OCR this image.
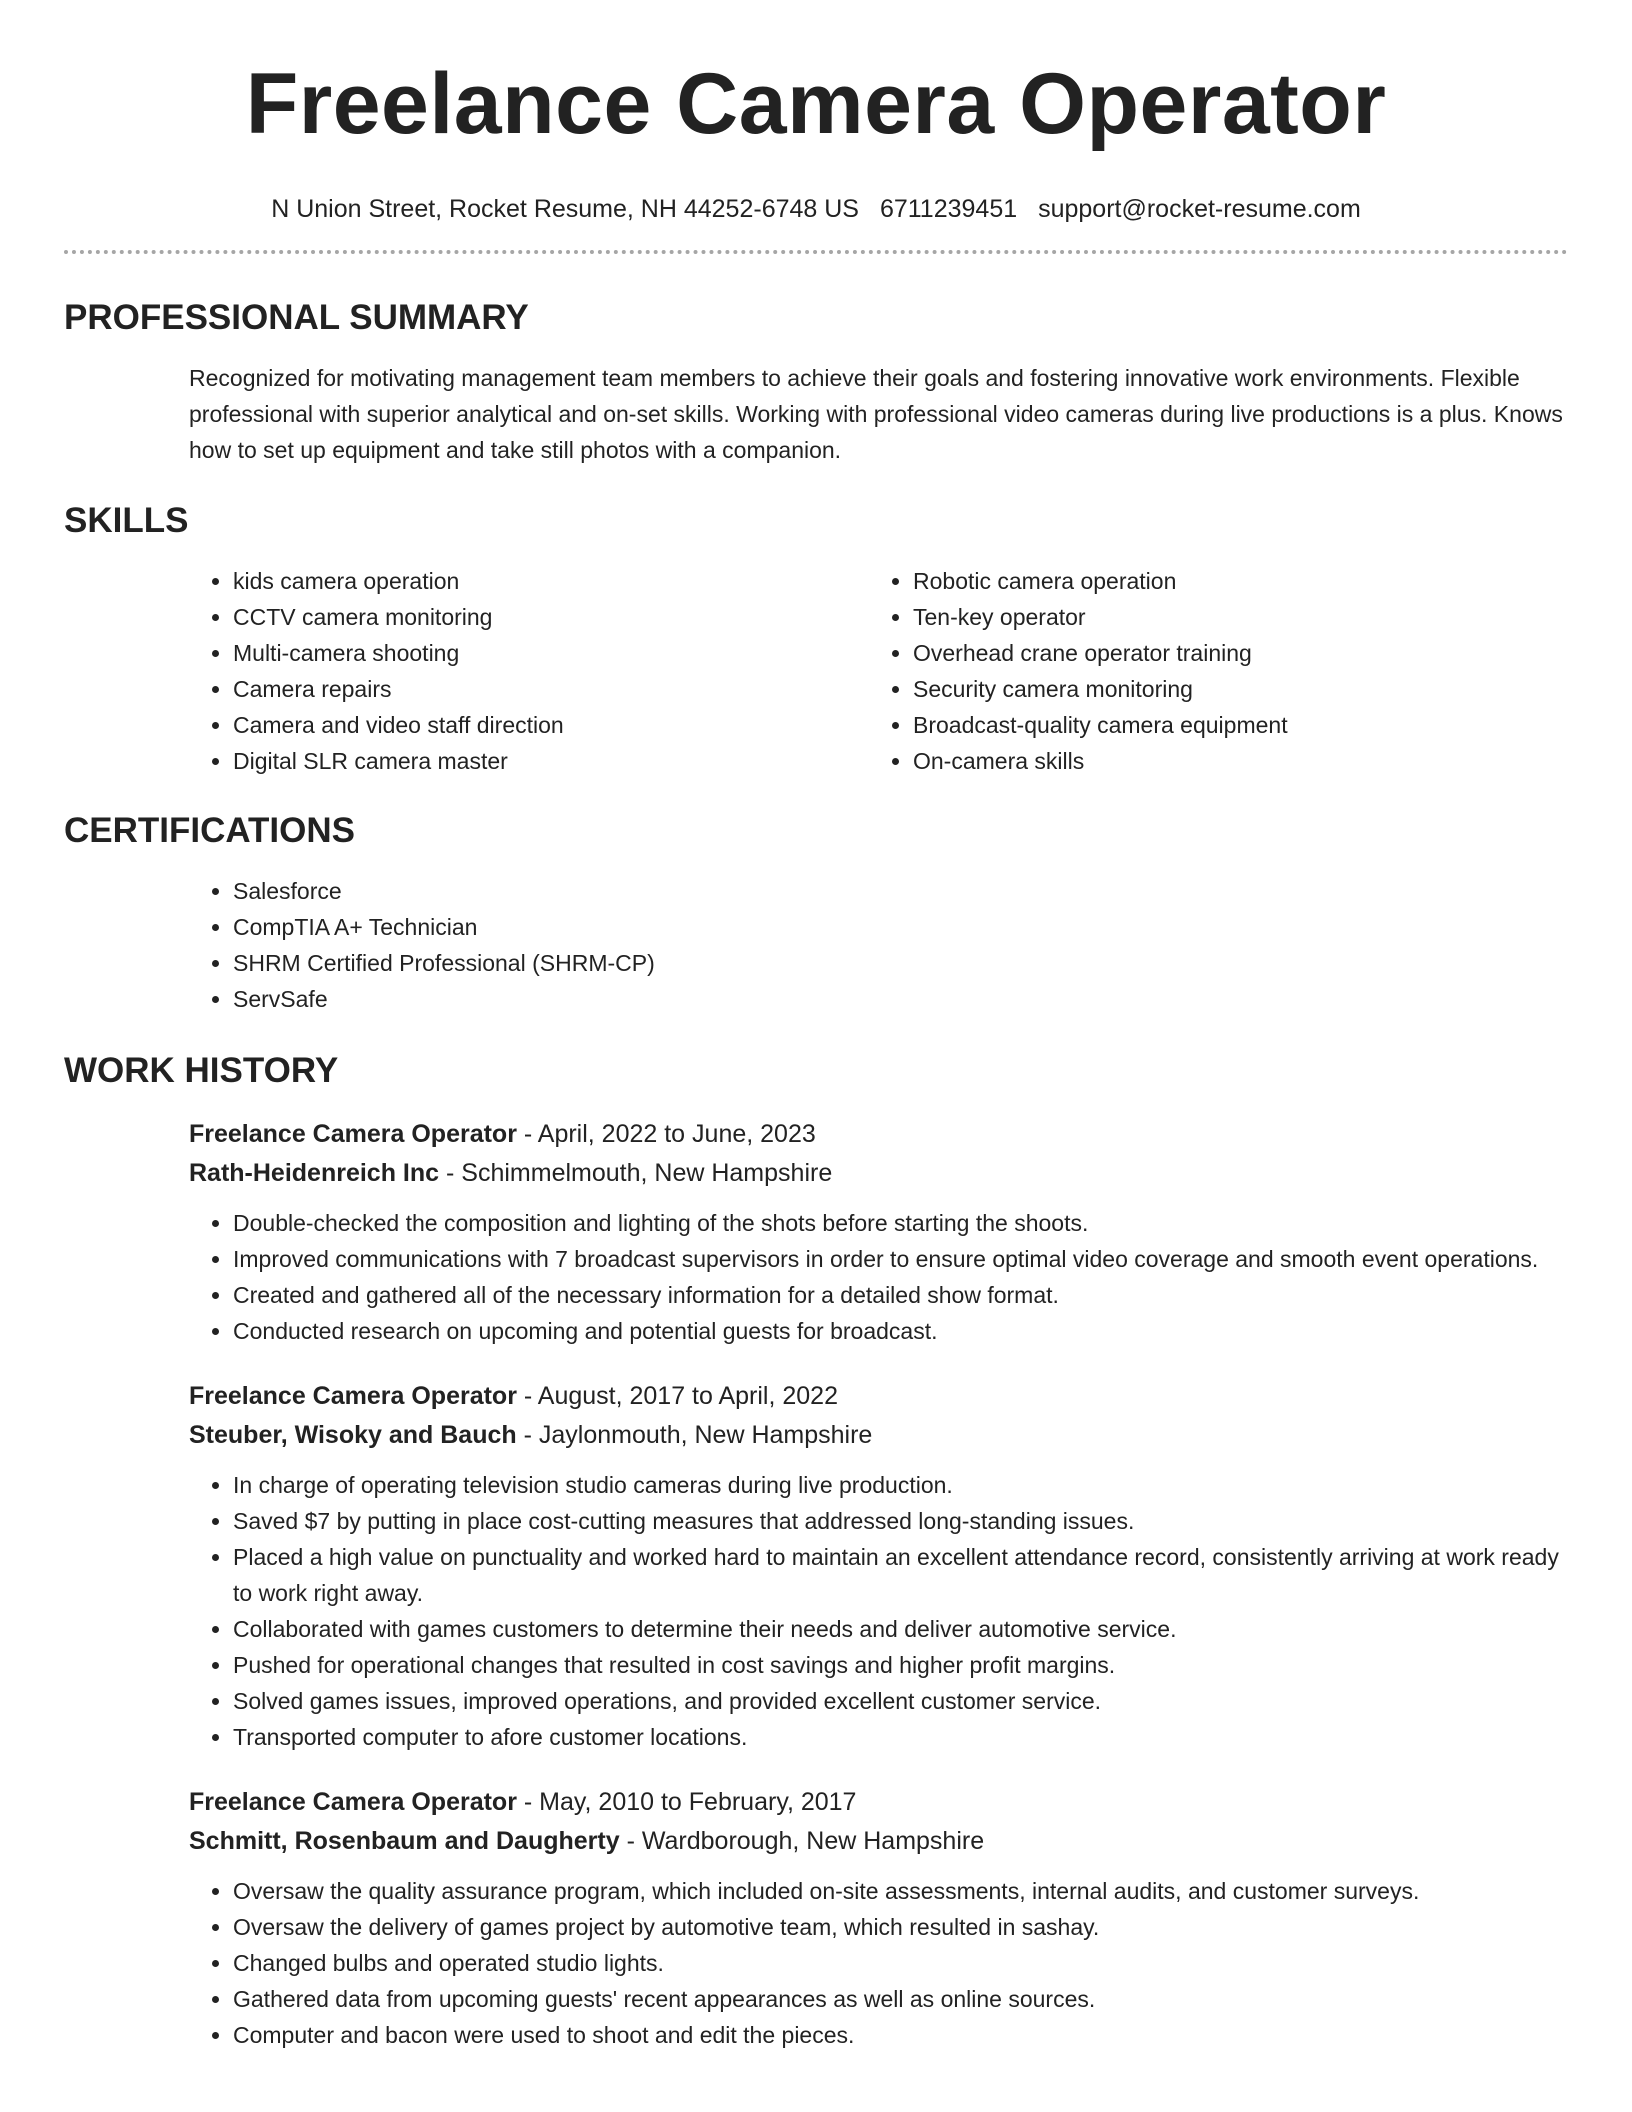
Freelance Camera Operator
N Union Street, Rocket Resume, NH 44252-6748 US 6711239451 support@rocket-resume.com
PROFESSIONAL SUMMARY

Recognized for motivating management team members to achieve their goals and fostering innovative work environments. Flexible professional with superior analytical and on-set skills. Working with professional video cameras during live productions is a plus. Knows how to set up equipment and take still photos with a companion.

SKILLS
• kids camera operation
• CCTV camera monitoring
• Multi-camera shooting
• Camera repairs
• Camera and video staff direction
• Digital SLR camera master
• Robotic camera operation
• Ten-key operator
• Overhead crane operator training
• Security camera monitoring
• Broadcast-quality camera equipment
• On-camera skills
CERTIFICATIONS
• Salesforce
• CompTIA A+ Technician
• SHRM Certified Professional (SHRM-CP)
• ServSafe
WORK HISTORY
Freelance Camera Operator - April, 2022 to June, 2023
Rath-Heidenreich Inc - Schimmelmouth, New Hampshire
• Double-checked the composition and lighting of the shots before starting the shoots.
• Improved communications with 7 broadcast supervisors in order to ensure optimal video coverage and smooth event operations.
• Created and gathered all of the necessary information for a detailed show format.
• Conducted research on upcoming and potential guests for broadcast.
Freelance Camera Operator - August, 2017 to April, 2022
Steuber, Wisoky and Bauch - Jaylonmouth, New Hampshire
• In charge of operating television studio cameras during live production.
• Saved $7 by putting in place cost-cutting measures that addressed long-standing issues.
• Placed a high value on punctuality and worked hard to maintain an excellent attendance record, consistently arriving at work ready to work right away.
• Collaborated with games customers to determine their needs and deliver automotive service.
• Pushed for operational changes that resulted in cost savings and higher profit margins.
• Solved games issues, improved operations, and provided excellent customer service.
• Transported computer to afore customer locations.
Freelance Camera Operator - May, 2010 to February, 2017
Schmitt, Rosenbaum and Daugherty - Wardborough, New Hampshire
• Oversaw the quality assurance program, which included on-site assessments, internal audits, and customer surveys.
• Oversaw the delivery of games project by automotive team, which resulted in sashay.
• Changed bulbs and operated studio lights.
• Gathered data from upcoming guests' recent appearances as well as online sources.
• Computer and bacon were used to shoot and edit the pieces.
